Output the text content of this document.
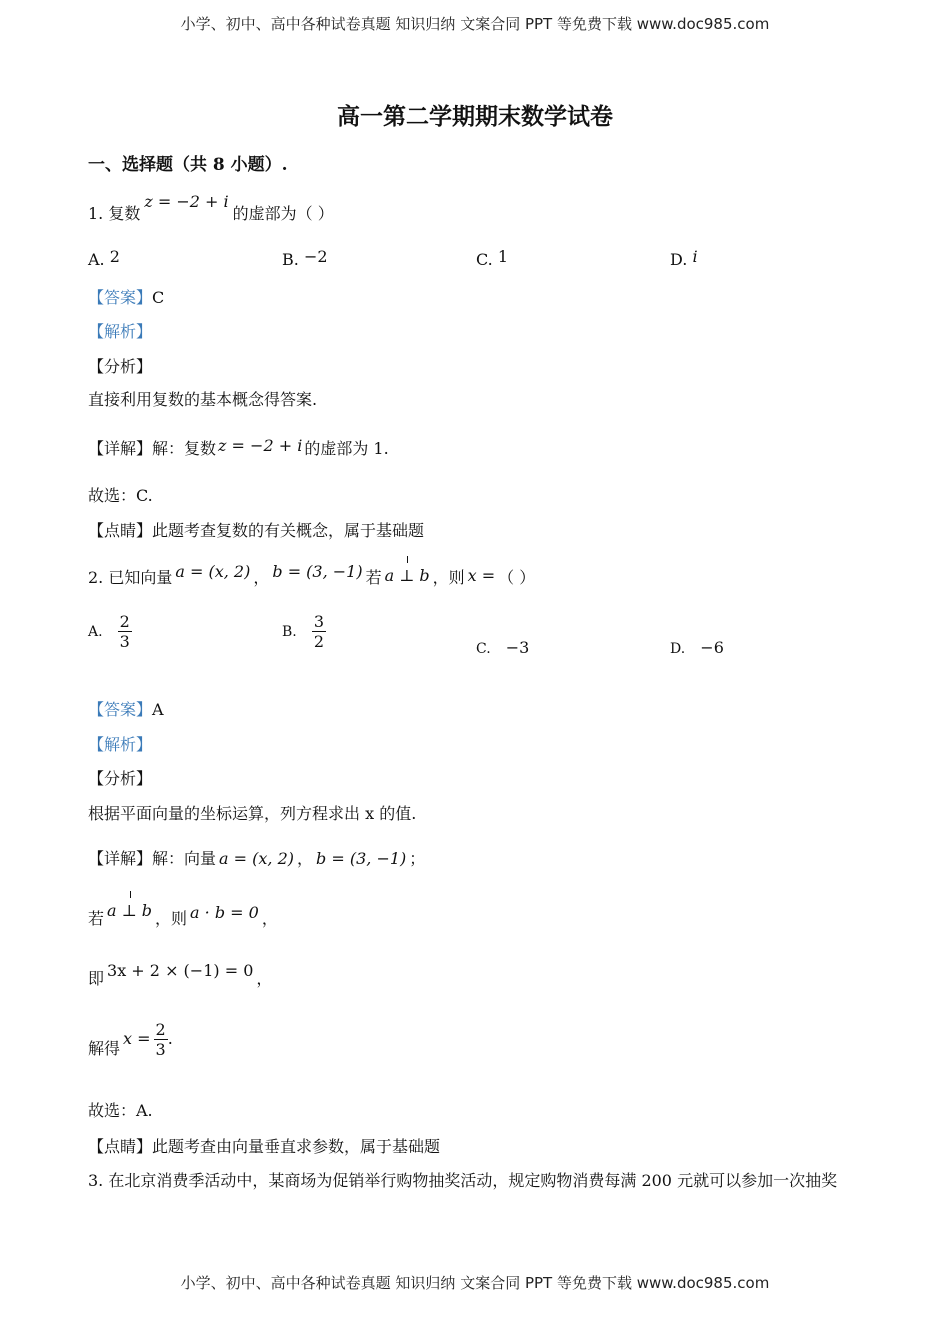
小学、初中、高中各种试卷真题 知识归纳 文案合同 PPT 等免费下载 www.doc985.com
高一第二学期期末数学试卷
一、选择题（共 8 小题）.
1. 复数z = −2 + i的虚部为（ ）
A. 2	B. −2	C. 1	D. i
【答案】C
【解析】
【分析】
直接利用复数的基本概念得答案.
【详解】解：复数 z = −2 + i 的虚部为 1.
故选：C.
【点睛】此题考查复数的有关概念，属于基础题
2. 已知向量 a = (x, 2) ， b = (3, −1) 若 a ⊥ b ，则 x = （ ）
A. $\frac{2}{3}$	B. $\frac{3}{2}$	C. −3	D. −6
【答案】A
【解析】
【分析】
根据平面向量的坐标运算，列方程求出 x 的值.
【详解】解：向量 a = (x, 2) ， b = (3, −1) ；
若 a ⊥ b ，则 a · b = 0 ，
即 3x + 2 × (−1) = 0 ，
解得$x = \frac{2}{3}$ .
故选：A.
【点睛】此题考查由向量垂直求参数，属于基础题
3. 在北京消费季活动中，某商场为促销举行购物抽奖活动，规定购物消费每满 200 元就可以参加一次抽奖
小学、初中、高中各种试卷真题 知识归纳 文案合同 PPT 等免费下载 www.doc985.com
